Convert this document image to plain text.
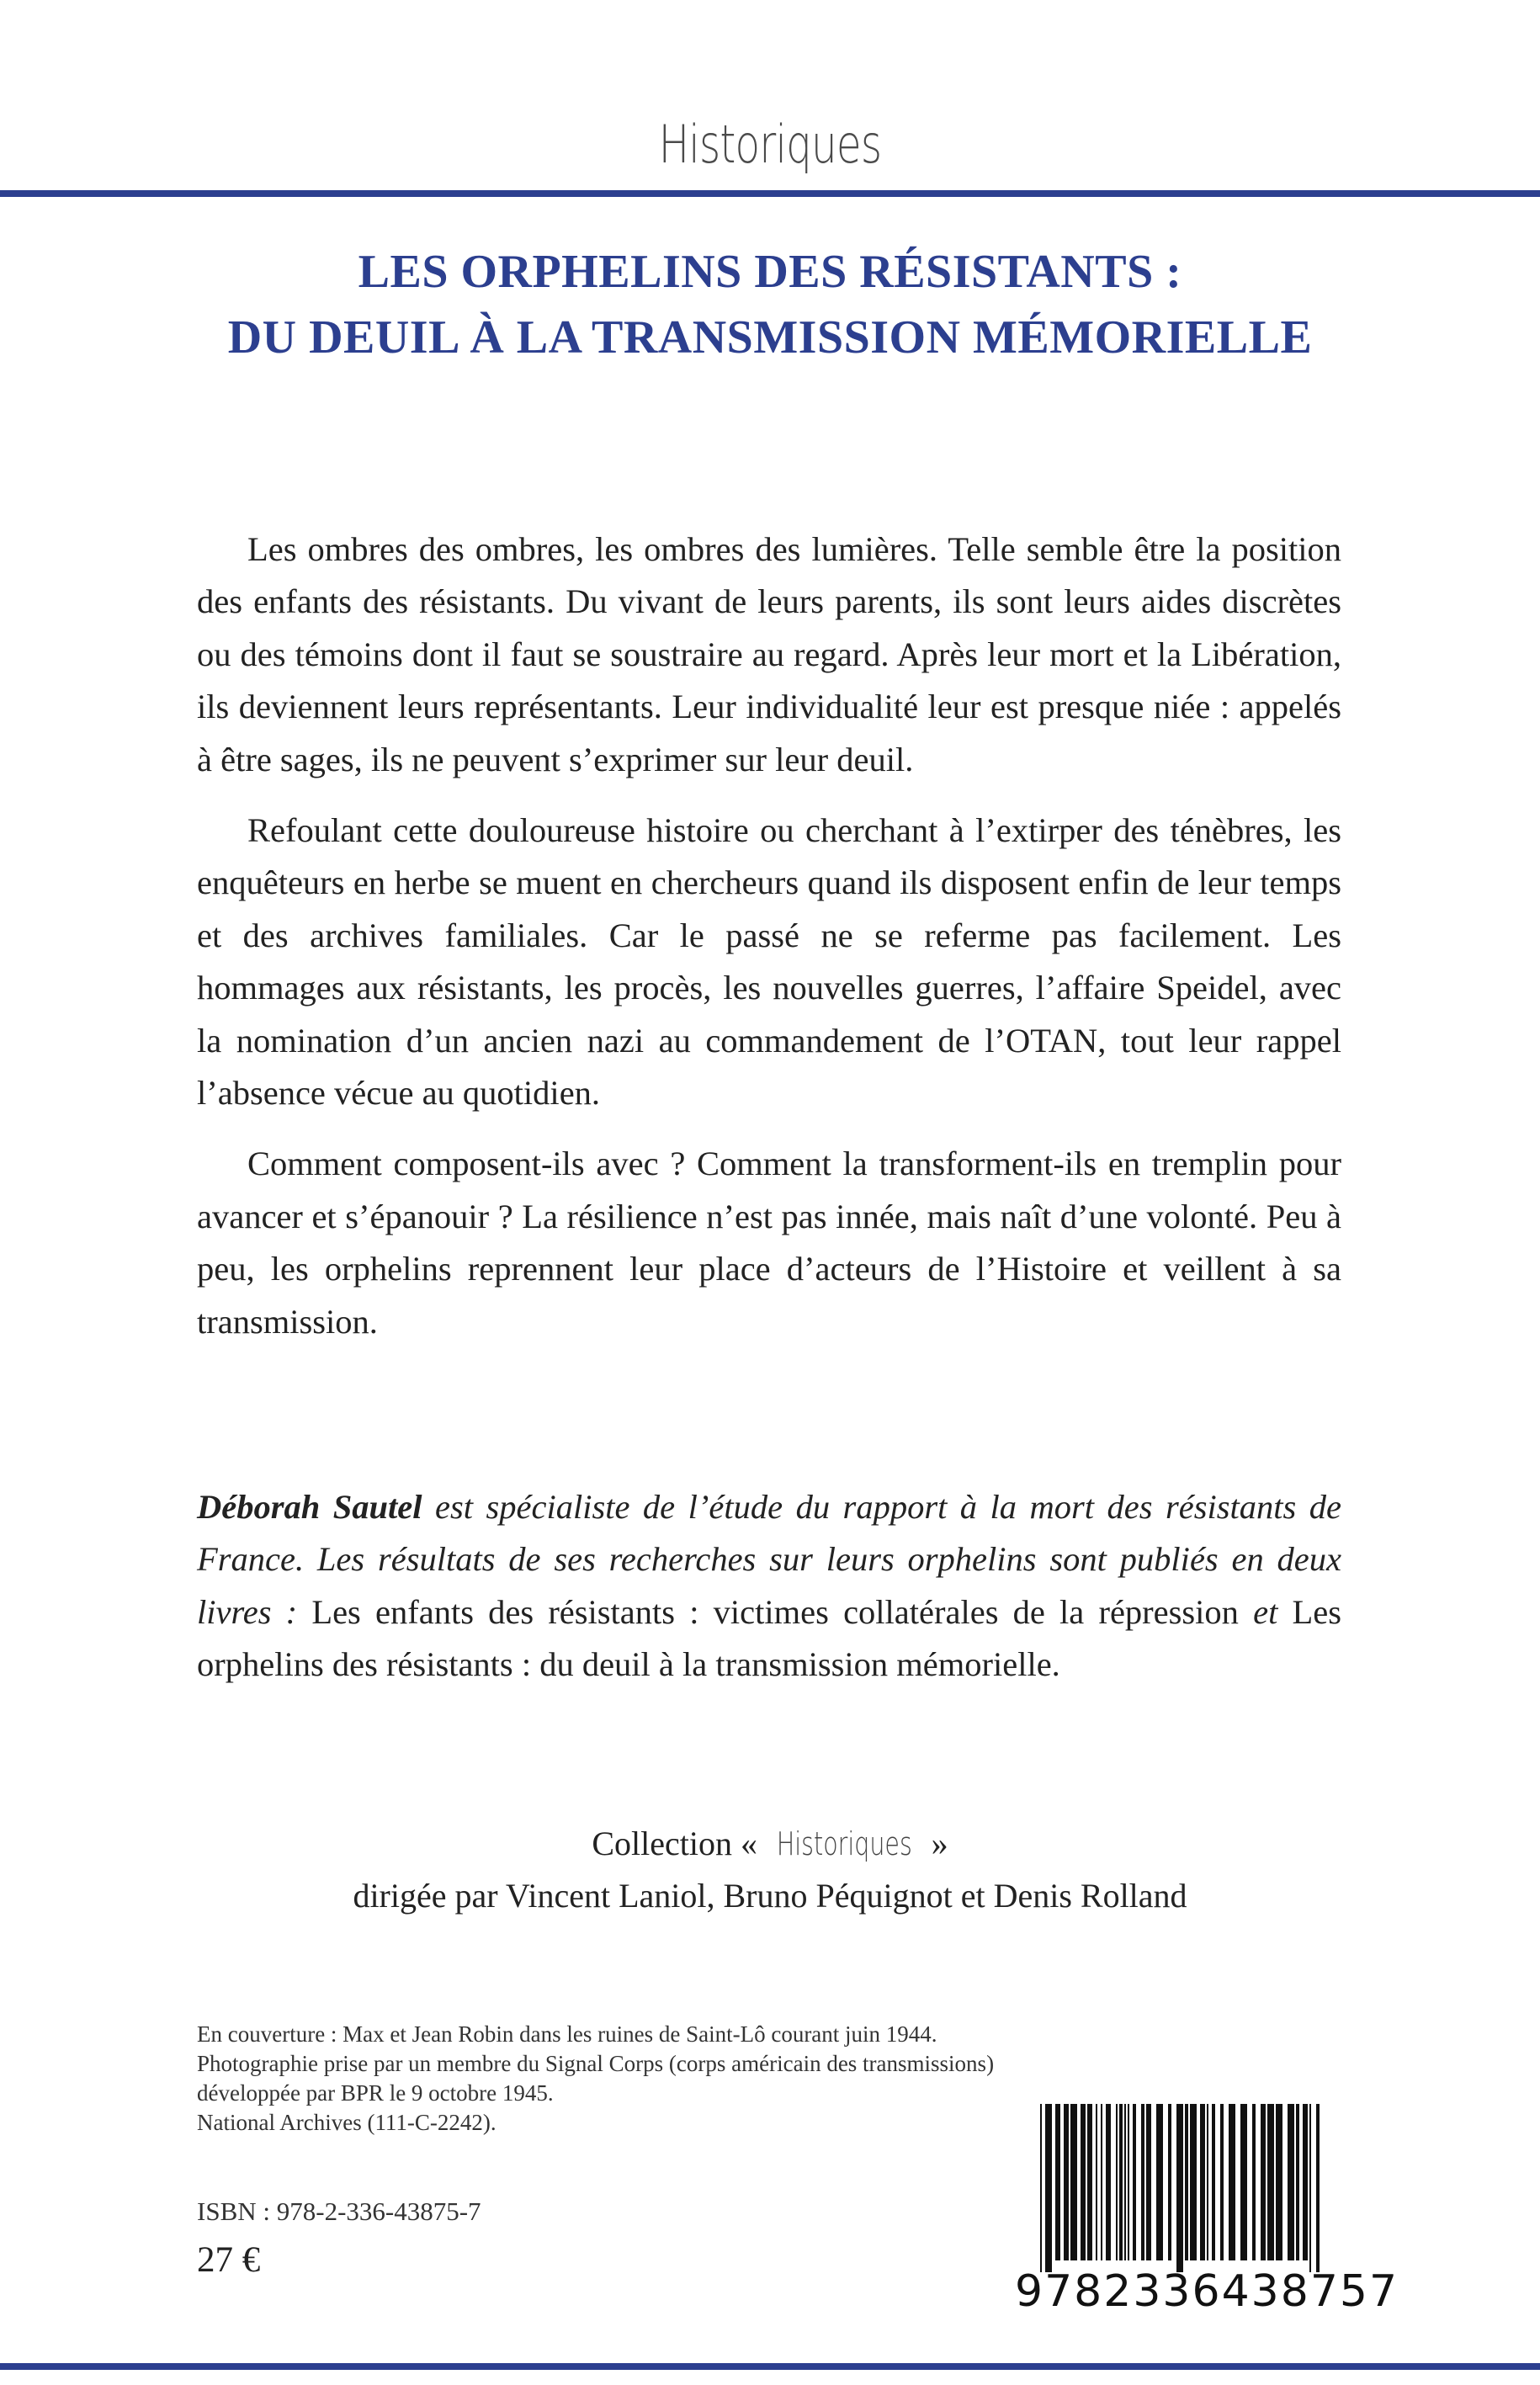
Historiques
LES ORPHELINS DES RÉSISTANTS :
DU DEUIL À LA TRANSMISSION MÉMORIELLE

Les ombres des ombres, les ombres des lumières. Telle semble être la position des enfants des résistants. Du vivant de leurs parents, ils sont leurs aides discrètes ou des témoins dont il faut se soustraire au regard. Après leur mort et la Libération, ils deviennent leurs représentants. Leur individualité leur est presque niée : appelés à être sages, ils ne peuvent s’exprimer sur leur deuil.

Refoulant cette douloureuse histoire ou cherchant à l’extirper des ténèbres, les enquêteurs en herbe se muent en chercheurs quand ils disposent enfin de leur temps et des archives familiales. Car le passé ne se referme pas facilement. Les hommages aux résistants, les procès, les nouvelles guerres, l’affaire Speidel, avec la nomination d’un ancien nazi au commandement de l’OTAN, tout leur rappel l’absence vécue au quotidien.

Comment composent-ils avec ? Comment la transforment-ils en tremplin pour avancer et s’épanouir ? La résilience n’est pas innée, mais naît d’une volonté. Peu à peu, les orphelins reprennent leur place d’acteurs de l’Histoire et veillent à sa transmission.

Déborah Sautel est spécialiste de l’étude du rapport à la mort des résistants de France. Les résultats de ses recherches sur leurs orphelins sont publiés en deux livres : Les enfants des résistants : victimes collatérales de la répression et Les orphelins des résistants : du deuil à la transmission mémorielle.

Collection « Historiques »
dirigée par Vincent Laniol, Bruno Péquignot et Denis Rolland
En couverture : Max et Jean Robin dans les ruines de Saint-Lô courant juin 1944.
Photographie prise par un membre du Signal Corps (corps américain des transmissions)
développée par BPR le 9 octobre 1945.
National Archives (111-C-2242).
ISBN : 978-2-336-43875-7
27 €
9782336438757
